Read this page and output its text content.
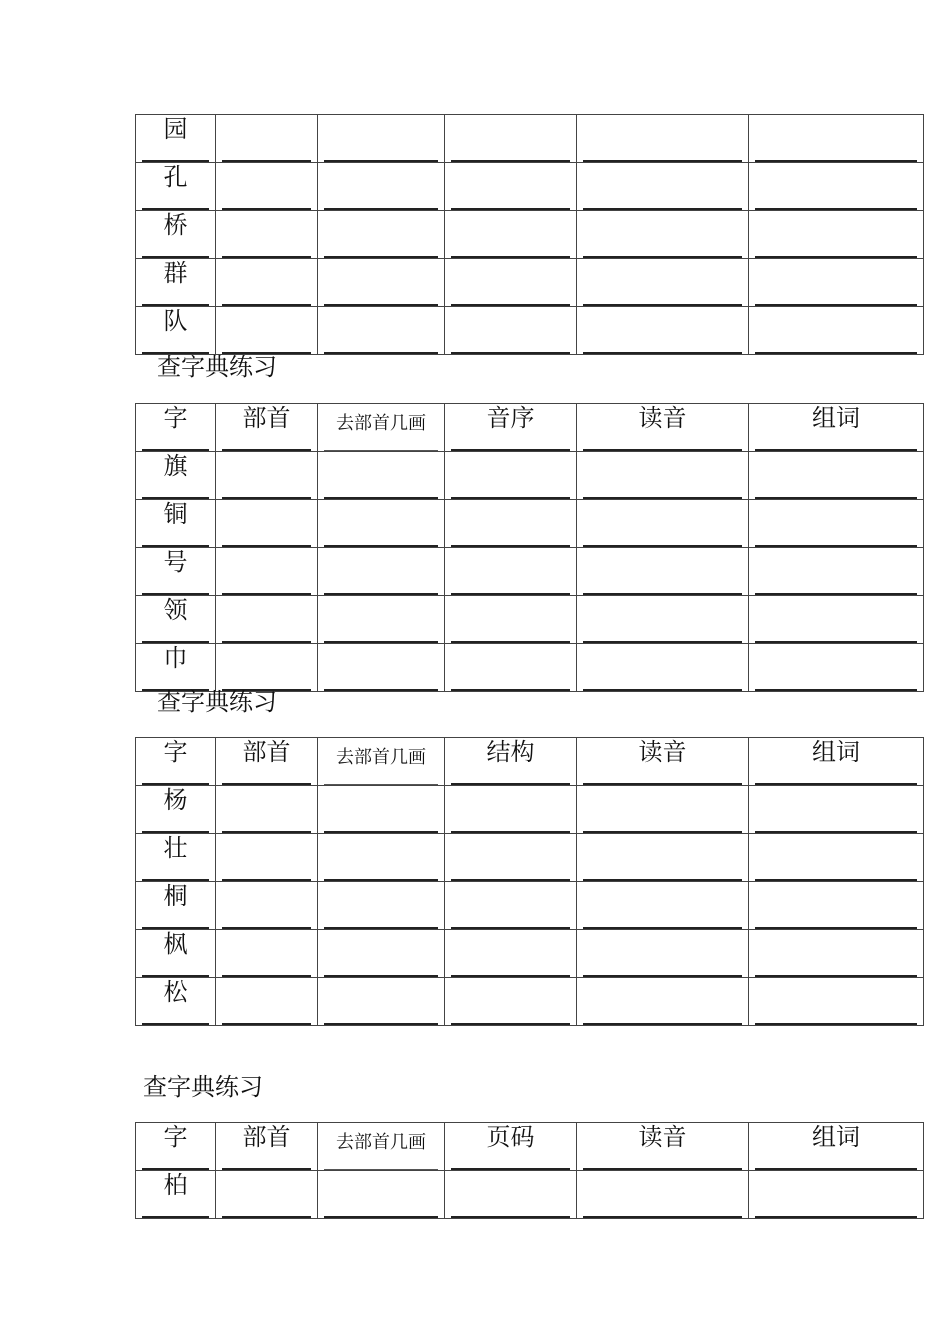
园					

孔					

桥					

群					

队					

查字典练习
字	部首	去部首几画	音序	读音	组词

旗					

铜					

号					

领					

巾					

查字典练习
字	部首	去部首几画	结构	读音	组词

杨					

壮					

桐					

枫					

松					

查字典练习
字	部首	去部首几画	页码	读音	组词

柏					
